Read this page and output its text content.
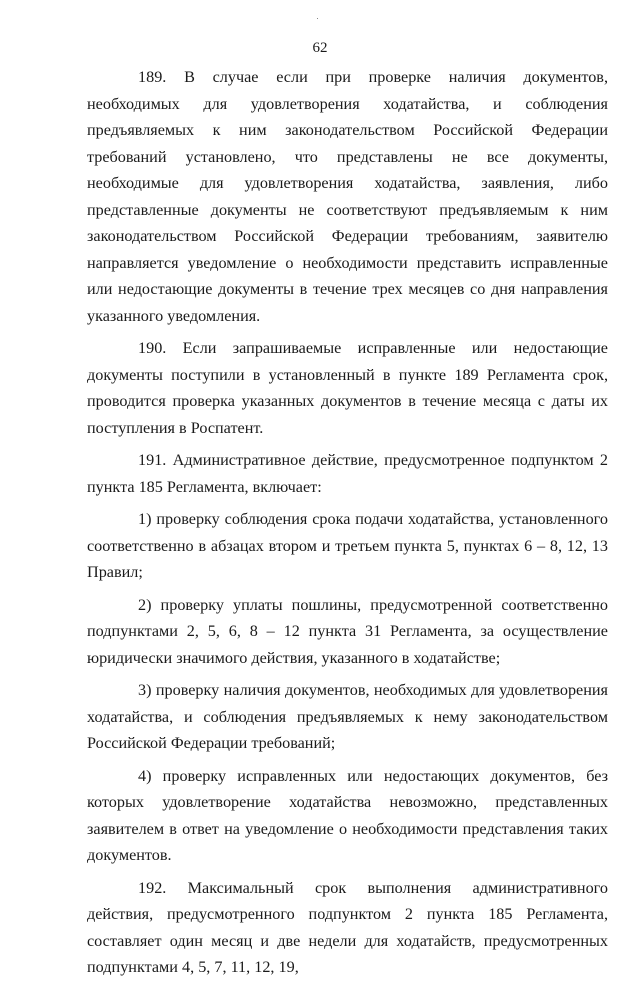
62

189. В случае если при проверке наличия документов, необходимых для удовлетворения ходатайства, и соблюдения предъявляемых к ним законодательством Российской Федерации требований установлено, что представлены не все документы, необходимые для удовлетворения ходатайства, заявления, либо представленные документы не соответствуют предъявляемым к ним законодательством Российской Федерации требованиям, заявителю направляется уведомление о необходимости представить исправленные или недостающие документы в течение трех месяцев со дня направления указанного уведомления.

190. Если запрашиваемые исправленные или недостающие документы поступили в установленный в пункте 189 Регламента срок, проводится проверка указанных документов в течение месяца с даты их поступления в Роспатент.

191. Административное действие, предусмотренное подпунктом 2 пункта 185 Регламента, включает:

1) проверку соблюдения срока подачи ходатайства, установленного соответственно в абзацах втором и третьем пункта 5, пунктах 6 – 8, 12, 13 Правил;

2) проверку уплаты пошлины, предусмотренной соответственно подпунктами 2, 5, 6, 8 – 12 пункта 31 Регламента, за осуществление юридически значимого действия, указанного в ходатайстве;

3) проверку наличия документов, необходимых для удовлетворения ходатайства, и соблюдения предъявляемых к нему законодательством Российской Федерации требований;

4) проверку исправленных или недостающих документов, без которых удовлетворение ходатайства невозможно, представленных заявителем в ответ на уведомление о необходимости представления таких документов.

192. Максимальный срок выполнения административного действия, предусмотренного подпунктом 2 пункта 185 Регламента, составляет один месяц и две недели для ходатайств, предусмотренных подпунктами 4, 5, 7, 11, 12, 19,
